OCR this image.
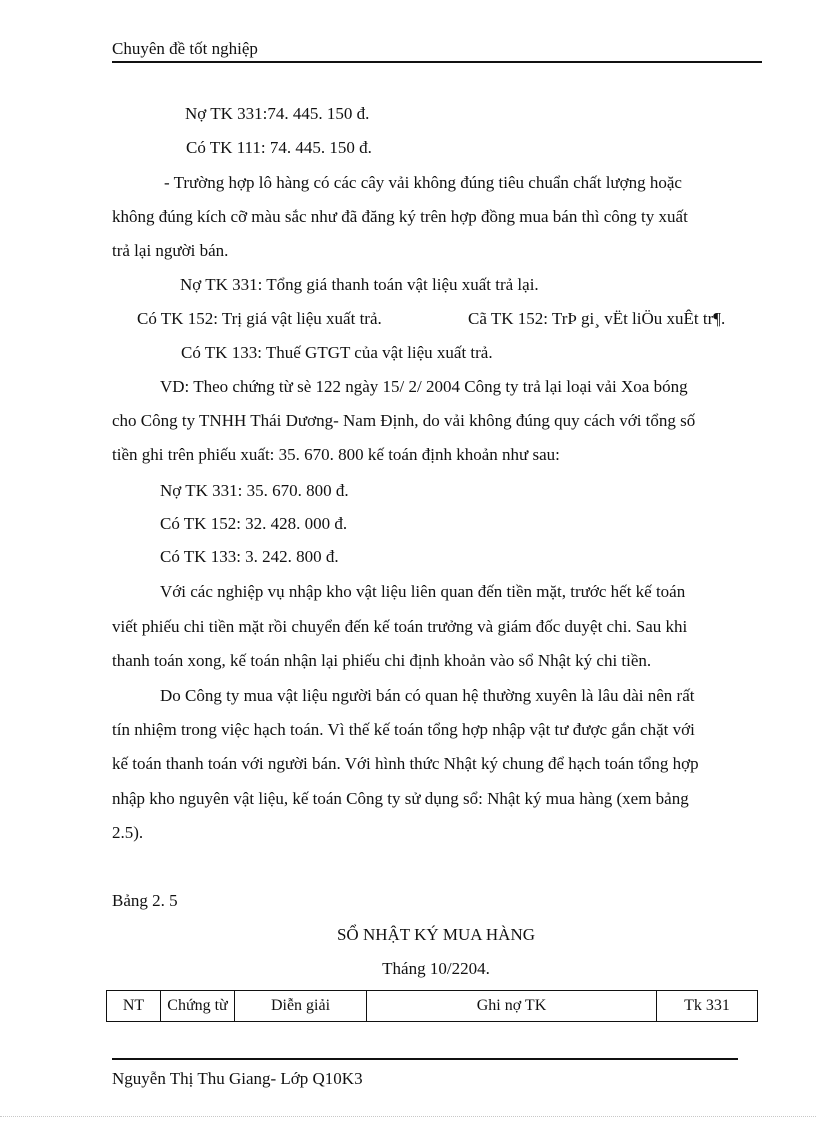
Chuyên đề tốt nghiệp
Nợ TK 331:74. 445. 150 đ.
Có TK 111: 74. 445. 150 đ.
- Trường hợp lô hàng có các cây vải không đúng tiêu chuẩn chất lượng hoặc
không đúng kích cỡ màu sắc như đã đăng ký trên hợp đồng mua bán thì công ty xuất
trả lại người bán.
Nợ TK 331: Tổng giá thanh toán vật liệu xuất trả lại.
Có TK 152: Trị giá vật liệu xuất trả.	Cã TK 152: TrÞ gi¸ vËt liÖu xuÊt tr¶.
Có TK 133: Thuế GTGT của vật liệu xuất trả.
VD: Theo chứng từ sè 122 ngày 15/ 2/ 2004 Công ty trả lại loại vải Xoa bóng
cho Công ty TNHH Thái Dương- Nam Định, do vải không đúng quy cách với tổng số
tiền ghi trên phiếu xuất: 35. 670. 800 kế toán định khoản như sau:
Nợ TK 331: 35. 670. 800 đ.
Có TK 152: 32. 428. 000 đ.
Có TK 133: 3. 242. 800 đ.
Với các nghiệp vụ nhập kho vật liệu liên quan đến tiền mặt, trước hết kế toán
viết phiếu chi tiền mặt rồi chuyển đến kế toán trưởng và giám đốc duyệt chi. Sau khi
thanh toán xong, kế toán nhận lại phiếu chi định khoản vào sổ Nhật ký chi tiền.
Do Công ty mua vật liệu người bán có quan hệ thường xuyên là lâu dài nên rất
tín nhiệm trong việc hạch toán. Vì thế kế toán tổng hợp nhập vật tư được gắn chặt với
kế toán thanh toán với người bán. Với hình thức Nhật ký chung để hạch toán tổng hợp
nhập kho nguyên vật liệu, kế toán Công ty sử dụng sổ: Nhật ký mua hàng (xem bảng
2.5).
Bảng 2. 5
SỔ NHẬT KÝ MUA HÀNG
Tháng 10/2204.
NT	Chứng từ	Diễn giải	Ghi nợ TK	Tk 331
Nguyễn Thị Thu Giang- Lớp Q10K3
